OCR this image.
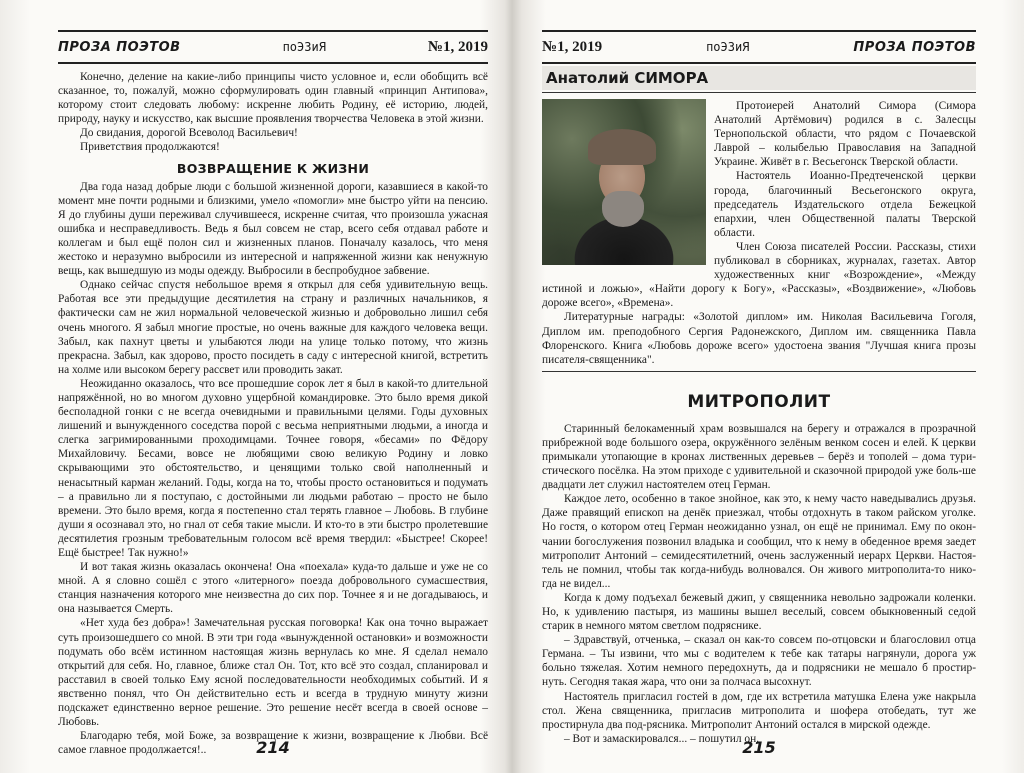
ПРОЗА ПОЭТОВ	поЭЗиЯ	№1, 2019

Конечно, деление на какие-либо принципы чисто условное и, если обобщить всё сказанное, то, пожалуй, можно сформулировать один главный «принцип Антипова», которому стоит следовать любому: искренне любить Родину, её историю, людей, природу, науку и искусство, как высшие проявления творчества Человека в этой жизни.

До свидания, дорогой Всеволод Васильевич!

Приветствия продолжаются!

ВОЗВРАЩЕНИЕ К ЖИЗНИ

Два года назад добрые люди с большой жизненной дороги, казавшиеся в какой-то момент мне почти родными и близкими, умело «помогли» мне быстро уйти на пенсию. Я до глубины души переживал случившееся, искренне считая, что произошла ужасная ошибка и несправедливость. Ведь я был совсем не стар, всего себя отдавал работе и коллегам и был ещё полон сил и жизненных планов. Поначалу казалось, что меня жестоко и неразумно выбросили из интересной и напряженной жизни как ненужную вещь, как вышедшую из моды одежду. Выбросили в беспробудное забвение.

Однако сейчас спустя небольшое время я открыл для себя удивительную вещь. Работая все эти предыдущие десятилетия на страну и различных начальников, я фактически сам не жил нормальной человеческой жизнью и добровольно лишил себя очень многого. Я забыл многие простые, но очень важные для каждого человека вещи. Забыл, как пахнут цветы и улыбаются люди на улице только потому, что жизнь прекрасна. Забыл, как здорово, просто посидеть в саду с интересной книгой, встретить на холме или высоком берегу рассвет или проводить закат.

Неожиданно оказалось, что все прошедшие сорок лет я был в какой-то длительной напряжённой, но во многом духовно ущербной командировке. Это было время дикой бесполадной гонки с не всегда очевидными и правильными целями. Годы духовных лишений и вынужденного соседства порой с весьма неприятными людьми, а иногда и слегка загримированными проходимцами. Точнее говоря, «бесами» по Фёдору Михайловичу. Бесами, вовсе не любящими свою великую Родину и ловко скрывающими это обстоятельство, и ценящими только свой наполненный и ненасытный карман желаний. Годы, когда на то, чтобы просто остановиться и подумать – а правильно ли я поступаю, с достойными ли людьми работаю – просто не было времени. Это было время, когда я постепенно стал терять главное – Любовь. В глубине души я осознавал это, но гнал от себя такие мысли. И кто-то в эти быстро пролетевшие десятилетия грозным требовательным голосом всё время твердил: «Быстрее! Скорее! Ещё быстрее! Так нужно!»

И вот такая жизнь оказалась окончена! Она «поехала» куда-то дальше и уже не со мной. А я словно сошёл с этого «литерного» поезда добровольного сумасшествия, станция назначения которого мне неизвестна до сих пор. Точнее я и не догадываюсь, и она называется Смерть.

«Нет худа без добра»! Замечательная русская поговорка! Как она точно выражает суть произошедшего со мной. В эти три года «вынужденной остановки» и возможности подумать обо всём истинном настоящая жизнь вернулась ко мне. Я сделал немало открытий для себя. Но, главное, ближе стал Он. Тот, кто всё это создал, спланировал и расставил в своей только Ему ясной последовательности необходимых событий. И я явственно понял, что Он действительно есть и всегда в трудную минуту жизни подскажет единственно верное решение. Это решение несёт всегда в своей основе – Любовь.

Благодарю тебя, мой Боже, за возвращение к жизни, возвращение к Любви. Всё самое главное продолжается!..	214
№1, 2019	поЭЗиЯ	ПРОЗА ПОЭТОВ
Анатолий СИМОРА

Протоиерей Анатолий Симора (Симора Анатолий Артёмович) родился в с. Залесцы Тернопольской области, что рядом с Почаевской Лаврой – колыбелью Православия на Западной Украине. Живёт в г. Весьегонск Тверской области.

Настоятель Иоанно-Предтеченской церкви города, благочинный Весьегонского округа, председатель Издательского отдела Бежецкой епархии, член Общественной палаты Тверской области.

Член Союза писателей России. Рассказы, стихи публиковал в сборниках, журналах, газетах. Автор художественных книг «Возрождение», «Между истиной и ложью», «Найти дорогу к Богу», «Рассказы», «Воздвижение», «Любовь дороже всего», «Времена».

Литературные награды: «Золотой диплом» им. Николая Васильевича Гоголя, Диплом им. преподобного Сергия Радонежского, Диплом им. священника Павла Флоренского. Книга «Любовь дороже всего» удостоена звания "Лучшая книга прозы писателя-священника".

МИТРОПОЛИТ

Старинный белокаменный храм возвышался на берегу и отражался в прозрачной прибрежной воде большого озера, окружённого зелёным венком сосен и елей. К церкви примыкали утопающие в кронах лиственных деревьев – берёз и тополей – дома тури-стического посёлка. На этом приходе с удивительной и сказочной природой уже боль-ше двадцати лет служил настоятелем отец Герман.

Каждое лето, особенно в такое знойное, как это, к нему часто наведывались друзья. Даже правящий епископ на денёк приезжал, чтобы отдохнуть в таком райском уголке. Но гостя, о котором отец Герман неожиданно узнал, он ещё не принимал. Ему по окон-чании богослужения позвонил владыка и сообщил, что к нему в обеденное время заедет митрополит Антоний – семидесятилетний, очень заслуженный иерарх Церкви. Настоя-тель не помнил, чтобы так когда-нибудь волновался. Он живого митрополита-то нико-гда не видел...

Когда к дому подъехал бежевый джип, у священника невольно задрожали коленки. Но, к удивлению пастыря, из машины вышел веселый, совсем обыкновенный седой старик в немного мятом светлом подряснике.

– Здравствуй, отченька, – сказал он как-то совсем по-отцовски и благословил отца Германа. – Ты извини, что мы с водителем к тебе как татары нагрянули, дорога уж больно тяжелая. Хотим немного передохнуть, да и подрясники не мешало б простир-нуть. Сегодня такая жара, что они за полчаса высохнут.

Настоятель пригласил гостей в дом, где их встретила матушка Елена уже накрыла стол. Жена священника, пригласив митрополита и шофера отобедать, тут же простирнула два под-рясника. Митрополит Антоний остался в мирской одежде.

– Вот и замаскировался... – пошутил он.

215
